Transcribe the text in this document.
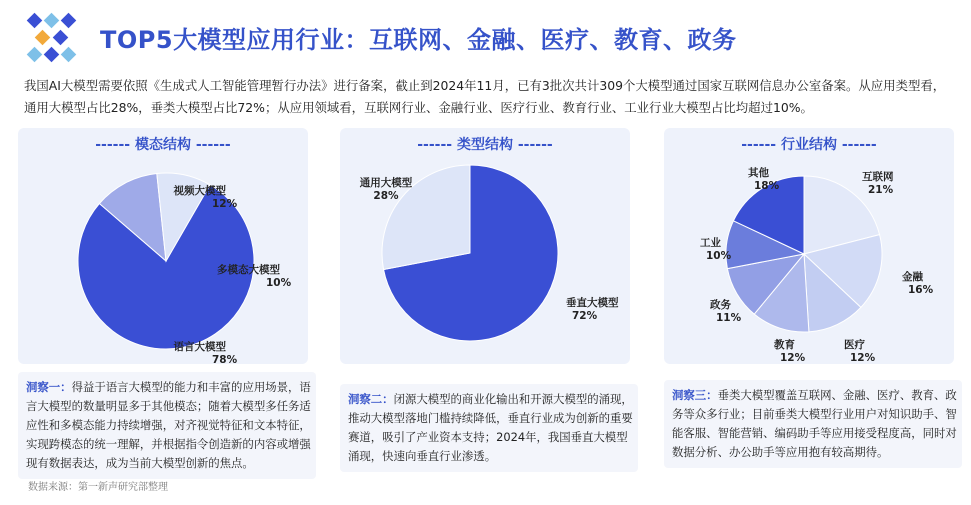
TOP5大模型应用行业：互联网、金融、医疗、教育、政务
我国AI大模型需要依照《生成式人工智能管理暂行办法》进行备案，截止到2024年11月，已有3批次共计309个大模型通过国家互联网信息办公室备案。从应用类型看，通用大模型占比28%，垂类大模型占比72%；从应用领域看，互联网行业、金融行业、医疗行业、教育行业、工业行业大模型占比均超过10%。
------ 模态结构 ------
语言大模型
78%
视频大模型
12%
多模态大模型
10%
------ 类型结构 ------
垂直大模型
72%
通用大模型
28%
------ 行业结构 ------
互联网
21%
金融
16%
医疗
12%
教育
12%
政务
11%
工业
10%
其他
18%
洞察一：得益于语言大模型的能力和丰富的应用场景，语言大模型的数量明显多于其他模态；随着大模型多任务适应性和多模态能力持续增强，对齐视觉特征和文本特征，实现跨模态的统一理解，并根据指令创造新的内容或增强现有数据表达，成为当前大模型创新的焦点。
洞察二：闭源大模型的商业化输出和开源大模型的涌现，推动大模型落地门槛持续降低，垂直行业成为创新的重要赛道，吸引了产业资本支持；2024年，我国垂直大模型涌现，快速向垂直行业渗透。
洞察三：垂类大模型覆盖互联网、金融、医疗、教育、政务等众多行业；目前垂类大模型行业用户对知识助手、智能客服、智能营销、编码助手等应用接受程度高，同时对数据分析、办公助手等应用抱有较高期待。
数据来源：第一新声研究部整理
